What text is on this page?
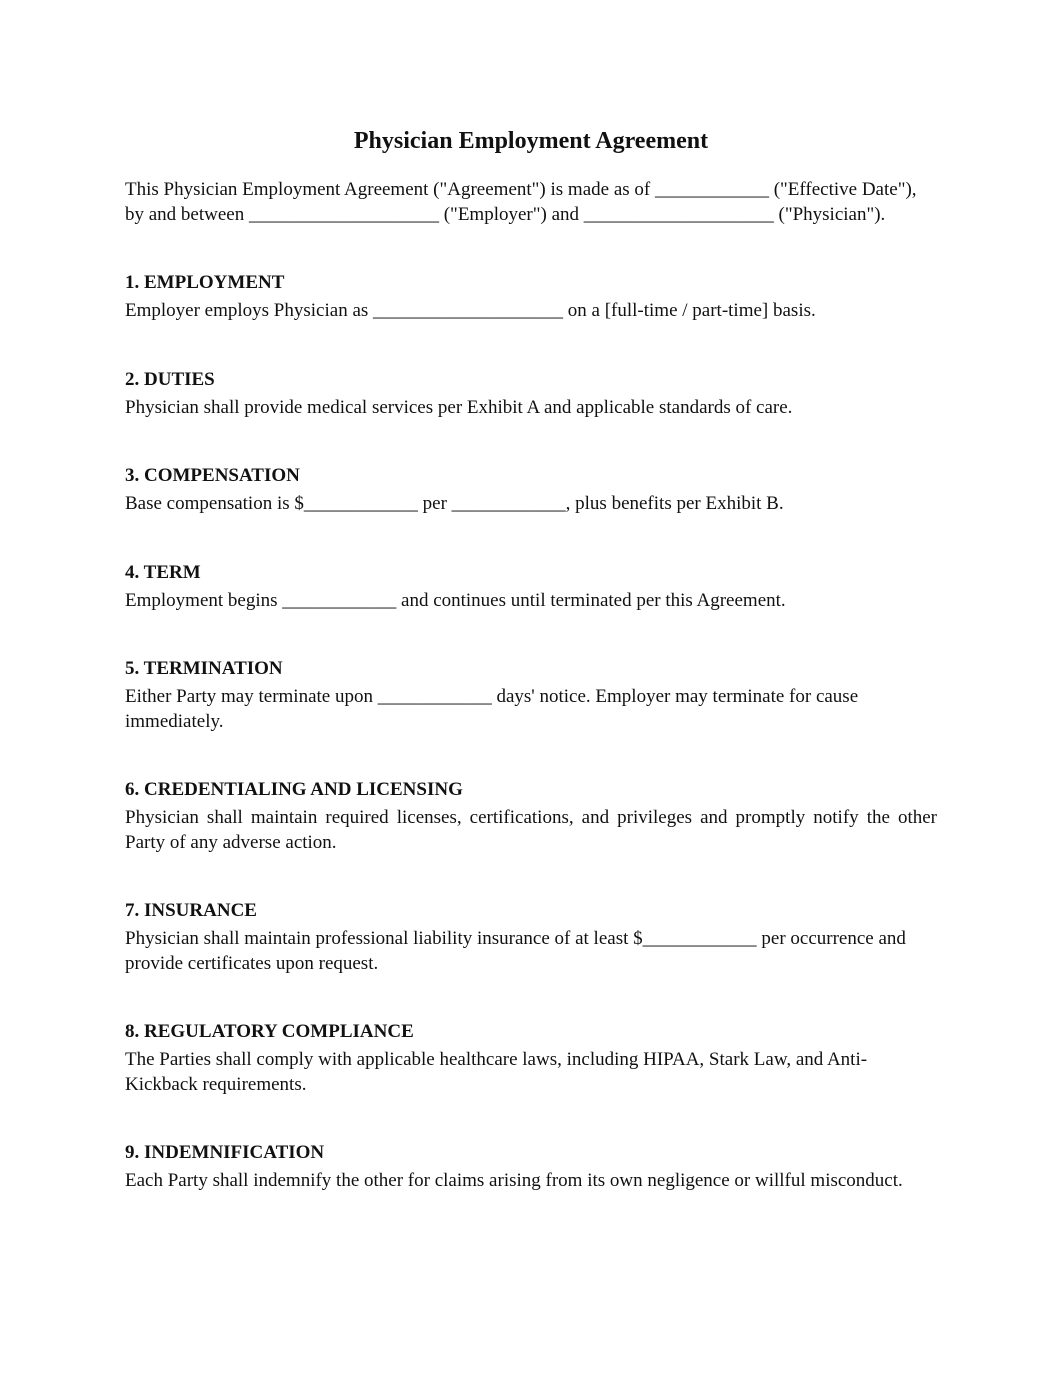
Physician Employment Agreement

This Physician Employment Agreement ("Agreement") is made as of ____________ ("Effective Date"), by and between ____________________ ("Employer") and ____________________ ("Physician").

1. EMPLOYMENT

Employer employs Physician as ____________________ on a [full-time / part-time] basis.

2. DUTIES

Physician shall provide medical services per Exhibit A and applicable standards of care.

3. COMPENSATION

Base compensation is $____________ per ____________, plus benefits per Exhibit B.

4. TERM

Employment begins ____________ and continues until terminated per this Agreement.

5. TERMINATION

Either Party may terminate upon ____________ days' notice. Employer may terminate for cause immediately.

6. CREDENTIALING AND LICENSING

Physician shall maintain required licenses, certifications, and privileges and promptly notify the other Party of any adverse action.

7. INSURANCE

Physician shall maintain professional liability insurance of at least $____________ per occurrence and provide certificates upon request.

8. REGULATORY COMPLIANCE

The Parties shall comply with applicable healthcare laws, including HIPAA, Stark Law, and Anti-Kickback requirements.

9. INDEMNIFICATION

Each Party shall indemnify the other for claims arising from its own negligence or willful misconduct.
